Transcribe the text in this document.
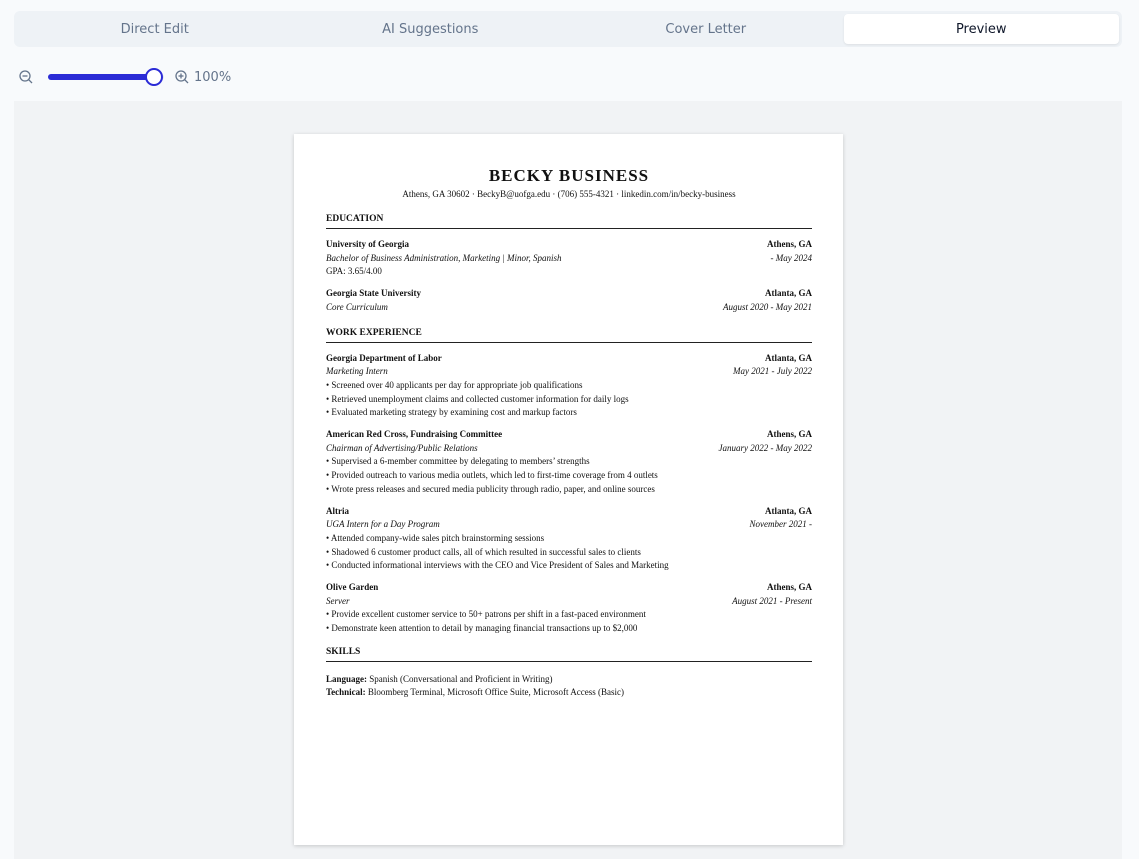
Direct Edit	AI Suggestions	Cover Letter	Preview
100%
BECKY BUSINESS
Athens, GA 30602 · BeckyB@uofga.edu · (706) 555-4321 · linkedin.com/in/becky-business
EDUCATION
University of Georgia	Athens, GA
Bachelor of Business Administration, Marketing | Minor, Spanish	- May 2024
GPA: 3.65/4.00
Georgia State University	Atlanta, GA
Core Curriculum	August 2020 - May 2021
WORK EXPERIENCE
Georgia Department of Labor	Atlanta, GA
Marketing Intern	May 2021 - July 2022
• Screened over 40 applicants per day for appropriate job qualifications
• Retrieved unemployment claims and collected customer information for daily logs
• Evaluated marketing strategy by examining cost and markup factors
American Red Cross, Fundraising Committee	Athens, GA
Chairman of Advertising/Public Relations	January 2022 - May 2022
• Supervised a 6-member committee by delegating to members’ strengths
• Provided outreach to various media outlets, which led to first-time coverage from 4 outlets
• Wrote press releases and secured media publicity through radio, paper, and online sources
Altria	Atlanta, GA
UGA Intern for a Day Program	November 2021 -
• Attended company-wide sales pitch brainstorming sessions
• Shadowed 6 customer product calls, all of which resulted in successful sales to clients
• Conducted informational interviews with the CEO and Vice President of Sales and Marketing
Olive Garden	Athens, GA
Server	August 2021 - Present
• Provide excellent customer service to 50+ patrons per shift in a fast-paced environment
• Demonstrate keen attention to detail by managing financial transactions up to $2,000
SKILLS
Language: Spanish (Conversational and Proficient in Writing)
Technical: Bloomberg Terminal, Microsoft Office Suite, Microsoft Access (Basic)
